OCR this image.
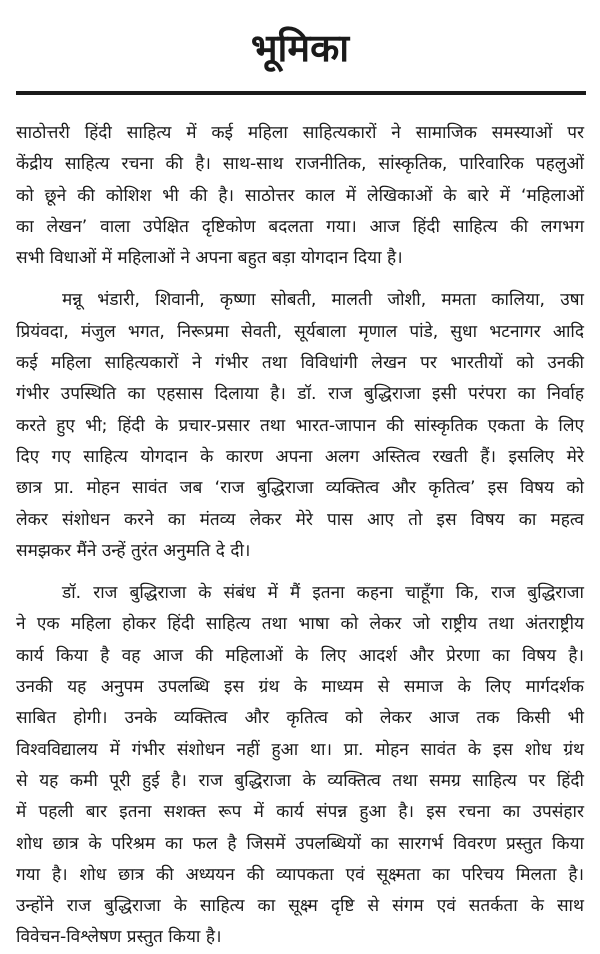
भूमिका
साठोत्तरी हिंदी साहित्य में कई महिला साहित्यकारों ने सामाजिक समस्याओं पर
केंद्रीय साहित्य रचना की है। साथ-साथ राजनीतिक, सांस्कृतिक, पारिवारिक पहलुओं
को छूने की कोशिश भी की है। साठोत्तर काल में लेखिकाओं के बारे में ‘महिलाओं
का लेखन’ वाला उपेक्षित दृष्टिकोण बदलता गया। आज हिंदी साहित्य की लगभग
सभी विधाओं में महिलाओं ने अपना बहुत बड़ा योगदान दिया है।
मन्नू भंडारी, शिवानी, कृष्णा सोबती, मालती जोशी, ममता कालिया, उषा
प्रियंवदा, मंजुल भगत, निरूप्रमा सेवती, सूर्यबाला मृणाल पांडे, सुधा भटनागर आदि
कई महिला साहित्यकारों ने गंभीर तथा विविधांगी लेखन पर भारतीयों को उनकी
गंभीर उपस्थिति का एहसास दिलाया है। डॉ. राज बुद्धिराजा इसी परंपरा का निर्वाह
करते हुए भी; हिंदी के प्रचार-प्रसार तथा भारत-जापान की सांस्कृतिक एकता के लिए
दिए गए साहित्य योगदान के कारण अपना अलग अस्तित्व रखती हैं। इसलिए मेरे
छात्र प्रा. मोहन सावंत जब ‘राज बुद्धिराजा व्यक्तित्व और कृतित्व’ इस विषय को
लेकर संशोधन करने का मंतव्य लेकर मेरे पास आए तो इस विषय का महत्व
समझकर मैंने उन्हें तुरंत अनुमति दे दी।
डॉ. राज बुद्धिराजा के संबंध में मैं इतना कहना चाहूँगा कि, राज बुद्धिराजा
ने एक महिला होकर हिंदी साहित्य तथा भाषा को लेकर जो राष्ट्रीय तथा अंतराष्ट्रीय
कार्य किया है वह आज की महिलाओं के लिए आदर्श और प्रेरणा का विषय है।
उनकी यह अनुपम उपलब्धि इस ग्रंथ के माध्यम से समाज के लिए मार्गदर्शक
साबित होगी। उनके व्यक्तित्व और कृतित्व को लेकर आज तक किसी भी
विश्वविद्यालय में गंभीर संशोधन नहीं हुआ था। प्रा. मोहन सावंत के इस शोध ग्रंथ
से यह कमी पूरी हुई है। राज बुद्धिराजा के व्यक्तित्व तथा समग्र साहित्य पर हिंदी
में पहली बार इतना सशक्त रूप में कार्य संपन्न हुआ है। इस रचना का उपसंहार
शोध छात्र के परिश्रम का फल है जिसमें उपलब्धियों का सारगर्भ विवरण प्रस्तुत किया
गया है। शोध छात्र की अध्ययन की व्यापकता एवं सूक्ष्मता का परिचय मिलता है।
उन्होंने राज बुद्धिराजा के साहित्य का सूक्ष्म दृष्टि से संगम एवं सतर्कता के साथ
विवेचन-विश्लेषण प्रस्तुत किया है।
